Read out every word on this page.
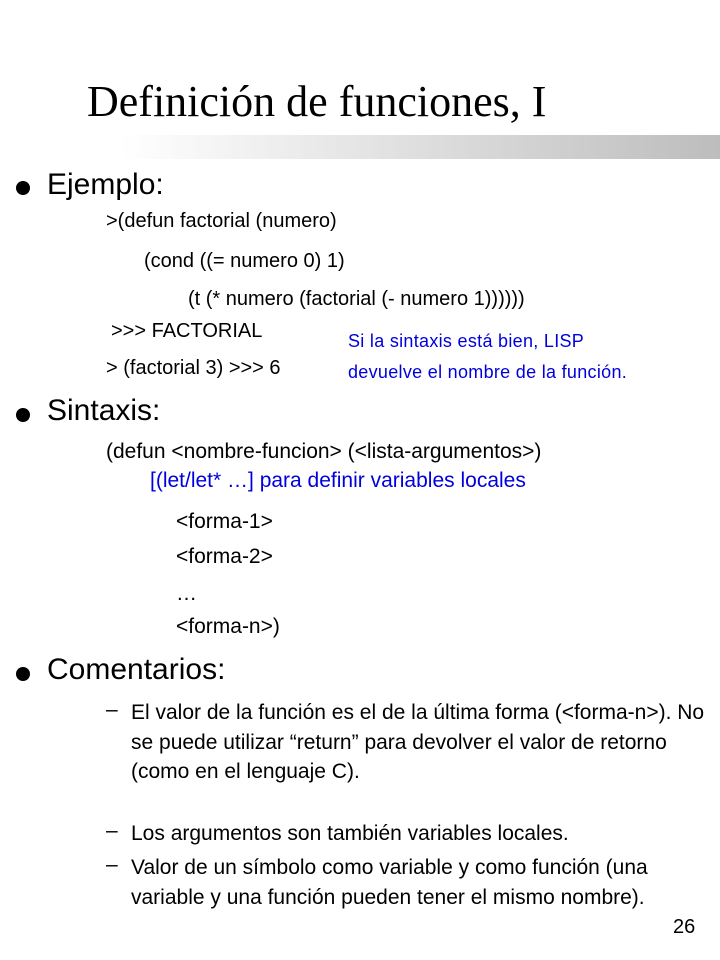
Definición de funciones, I
Ejemplo:
>(defun factorial (numero)
(cond ((= numero 0) 1)
(t (* numero (factorial (- numero 1))))))
>>> FACTORIAL
> (factorial 3) >>> 6
Si la sintaxis está bien, LISP
devuelve el nombre de la función.
Sintaxis:
(defun <nombre-funcion> (<lista-argumentos>)
[(let/let* …] para definir variables locales
<forma-1>
<forma-2>
…
<forma-n>)
Comentarios:
– El valor de la función es el de la última forma (<forma-n>). No se puede utilizar “return” para devolver el valor de retorno (como en el lenguaje C).
– Los argumentos son también variables locales.
– Valor de un símbolo como variable y como función (una variable y una función pueden tener el mismo nombre).
26
